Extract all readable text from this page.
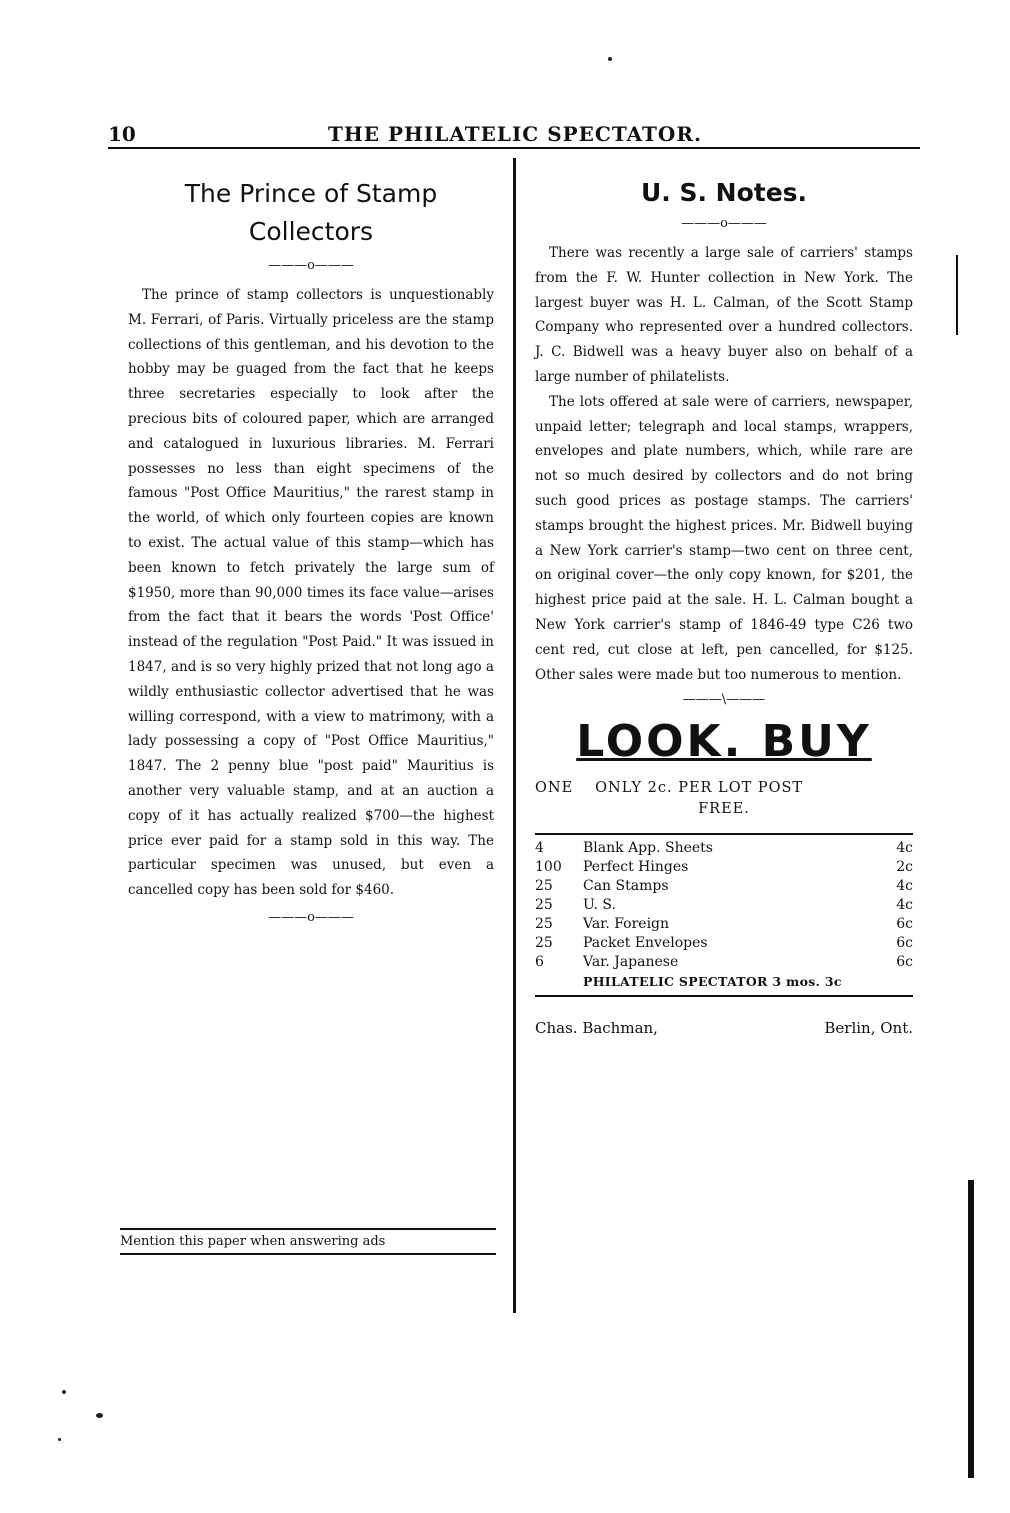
10	THE PHILATELIC SPECTATOR.
The Prince of Stamp
Collectors
———o———

The prince of stamp collectors is unquestionably M. Ferrari, of Paris. Virtually priceless are the stamp collections of this gentleman, and his devotion to the hobby may be guaged from the fact that he keeps three secretaries especially to look after the precious bits of coloured paper, which are arranged and catalogued in luxurious libraries. M. Ferrari possesses no less than eight specimens of the famous "Post Office Mauritius," the rarest stamp in the world, of which only fourteen copies are known to exist. The actual value of this stamp—which has been known to fetch privately the large sum of $1950, more than 90,000 times its face value—arises from the fact that it bears the words 'Post Office' instead of the regulation "Post Paid." It was issued in 1847, and is so very highly prized that not long ago a wildly enthusiastic collector advertised that he was willing correspond, with a view to matrimony, with a lady possessing a copy of "Post Office Mauritius," 1847. The 2 penny blue "post paid" Mauritius is another very valuable stamp, and at an auction a copy of it has actually realized $700—the highest price ever paid for a stamp sold in this way. The particular specimen was unused, but even a cancelled copy has been sold for $460.

———o———

Mention this paper when answering ads

U. S. Notes.
———o———

There was recently a large sale of carriers' stamps from the F. W. Hunter collection in New York. The largest buyer was H. L. Calman, of the Scott Stamp Company who represented over a hundred collectors. J. C. Bidwell was a heavy buyer also on behalf of a large number of philatelists.

The lots offered at sale were of carriers, newspaper, unpaid letter; telegraph and local stamps, wrappers, envelopes and plate numbers, which, while rare are not so much desired by collectors and do not bring such good prices as postage stamps. The carriers' stamps brought the highest prices. Mr. Bidwell buying a New York carrier's stamp—two cent on three cent, on original cover—the only copy known, for $201, the highest price paid at the sale. H. L. Calman bought a New York carrier's stamp of 1846-49 type C26 two cent red, cut close at left, pen cancelled, for $125. Other sales were made but too numerous to mention.

———\———
LOOK. BUY
ONE ONLY 2c. PER LOT POST
FREE.
4	Blank App. Sheets	4c
100	Perfect Hinges	2c
25	Can Stamps	4c
25	U. S.	4c
25	Var. Foreign	6c
25	Packet Envelopes	6c
6	Var. Japanese	6c
PHILATELIC SPECTATOR 3 mos. 3c
Chas. Bachman,	Berlin, Ont.
